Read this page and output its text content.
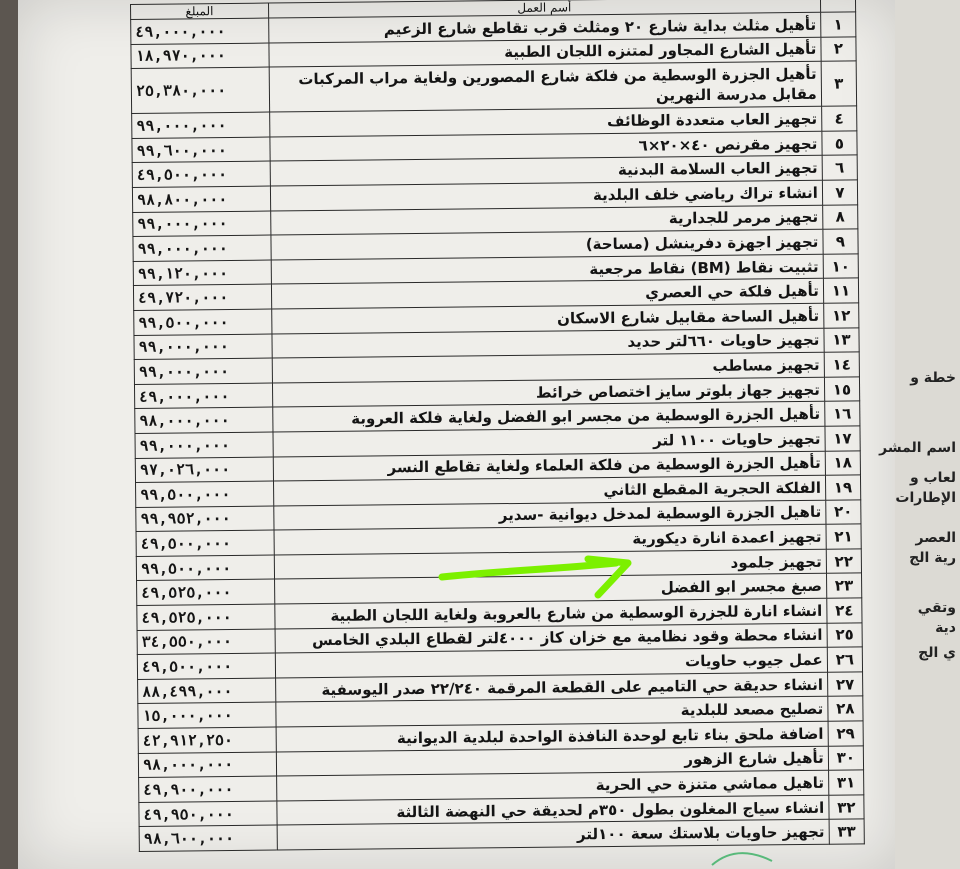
	أسم العمل	المبلغ
١	تأهيل مثلث بداية شارع ٢٠ ومثلث قرب تقاطع شارع الزعيم	٤٩,٠٠٠,٠٠٠
٢	تأهيل الشارع المجاور لمتنزه اللجان الطبية	١٨,٩٧٠,٠٠٠
٣	تأهيل الجزرة الوسطية من فلكة شارع المصورين ولغاية مراب المركبات مقابل مدرسة النهرين	٢٥,٣٨٠,٠٠٠
٤	تجهيز العاب متعددة الوظائف	٩٩,٠٠٠,٠٠٠
٥	تجهيز مقرنص ٤٠×٢٠×٦	٩٩,٦٠٠,٠٠٠
٦	تجهيز العاب السلامة البدنية	٤٩,٥٠٠,٠٠٠
٧	انشاء تراك رياضي خلف البلدية	٩٨,٨٠٠,٠٠٠
٨	تجهيز مرمر للجدارية	٩٩,٠٠٠,٠٠٠
٩	تجهيز اجهزة دفرينشل (مساحة)	٩٩,٠٠٠,٠٠٠
١٠	تثبيت نقاط (BM) نقاط مرجعية	٩٩,١٢٠,٠٠٠
١١	تأهيل فلكة حي العصري	٤٩,٧٢٠,٠٠٠
١٢	تأهيل الساحة مقابيل شارع الاسكان	٩٩,٥٠٠,٠٠٠
١٣	تجهيز حاويات ٦٦٠لتر حديد	٩٩,٠٠٠,٠٠٠
١٤	تجهيز مساطب	٩٩,٠٠٠,٠٠٠
١٥	تجهيز جهاز بلوتر سايز اختصاص خرائط	٤٩,٠٠٠,٠٠٠
١٦	تأهيل الجزرة الوسطية من مجسر ابو الفضل ولغاية فلكة العروبة	٩٨,٠٠٠,٠٠٠
١٧	تجهيز حاويات ١١٠٠ لتر	٩٩,٠٠٠,٠٠٠
١٨	تأهيل الجزرة الوسطية من فلكة العلماء ولغاية تقاطع النسر	٩٧,٠٢٦,٠٠٠
١٩	الفلكة الحجرية المقطع الثاني	٩٩,٥٠٠,٠٠٠
٢٠	تاهيل الجزرة الوسطية لمدخل ديوانية -سدير	٩٩,٩٥٢,٠٠٠
٢١	تجهيز اعمدة انارة ديكورية	٤٩,٥٠٠,٠٠٠
٢٢	تجهيز جلمود	٩٩,٥٠٠,٠٠٠
٢٣	صبغ مجسر ابو الفضل	٤٩,٥٢٥,٠٠٠
٢٤	انشاء انارة للجزرة الوسطية من شارع بالعروبة ولغاية اللجان الطبية	٤٩,٥٢٥,٠٠٠
٢٥	انشاء محطة وقود نظامية مع خزان كاز ٤٠٠٠لتر لقطاع البلدي الخامس	٣٤,٥٥٠,٠٠٠
٢٦	عمل جيوب حاويات	٤٩,٥٠٠,٠٠٠
٢٧	انشاء حديقة حي التاميم على القطعة المرقمة ٢٢/٢٤٠ صدر اليوسفية	٨٨,٤٩٩,٠٠٠
٢٨	تصليح مصعد للبلدية	١٥,٠٠٠,٠٠٠
٢٩	اضافة ملحق بناء تابع لوحدة النافذة الواحدة لبلدية الديوانية	٤٢,٩١٢,٢٥٠
٣٠	تأهيل شارع الزهور	٩٨,٠٠٠,٠٠٠
٣١	تاهيل مماشي متنزة حي الحرية	٤٩,٩٠٠,٠٠٠
٣٢	انشاء سياج المغلون بطول ٣٥٠م لحديقة حي النهضة الثالثة	٤٩,٩٥٠,٠٠٠
٣٣	تجهيز حاويات بلاستك سعة ١٠٠لتر	٩٨,٦٠٠,٠٠٠
خطة و
اسم المشر
لعاب و
الإطارات
العصر
رية الج
وتقي
دية
ي الج
